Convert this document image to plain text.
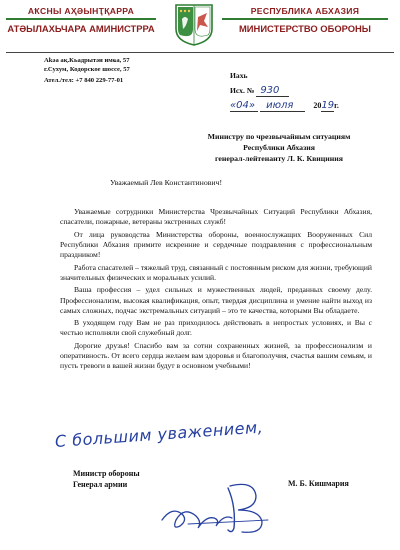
АҞСНЫ АҲӘЫНҬҚАРРА
АТӘЫЛАХЬЧАРА АМИНИСТРРА
РЕСПУБЛИКА АБХАЗИЯ
МИНИСТЕРСТВО ОБОРОНЫ
Аҟәа ақ.Кьадрытәи имҩа, 57
г.Сухум, Кодорское шоссе, 57
Ател./тел: +7 840 229-77-01
Иахь
Исх. № 930
«04» июля	2019г.
Министру по чрезвычайным ситуациям
Республики Абхазия
генерал-лейтенанту Л. К. Квициния
Уважаемый Лев Константинович!

Уважаемые сотрудники Министерства Чрезвычайных Ситуаций Республики Абхазия, спасатели, пожарные, ветераны экстренных служб!

От лица руководства Министерства обороны, военнослужащих Вооруженных Сил Республики Абхазия примите искренние и сердечные поздравления с профессиональным праздником!

Работа спасателей – тяжелый труд, связанный с постоянным риском для жизни, требующий значительных физических и моральных усилий.

Ваша профессия – удел сильных и мужественных людей, преданных своему делу. Профессионализм, высокая квалификация, опыт, твердая дисциплина и умение найти выход из самых сложных, подчас экстремальных ситуаций – это те качества, которыми Вы обладаете.

В уходящем году Вам не раз приходилось действовать в непростых условиях, и Вы с честью исполняли свой служебный долг.

Дорогие друзья! Спасибо вам за сотни сохраненных жизней, за профессионализм и оперативность. От всего сердца желаем вам здоровья и благополучия, счастья вашим семьям, и пусть тревоги в вашей жизни будут в основном учебными!

С большим уважением,
Министр обороны
Генерал армии	М. Б. Кишмария
